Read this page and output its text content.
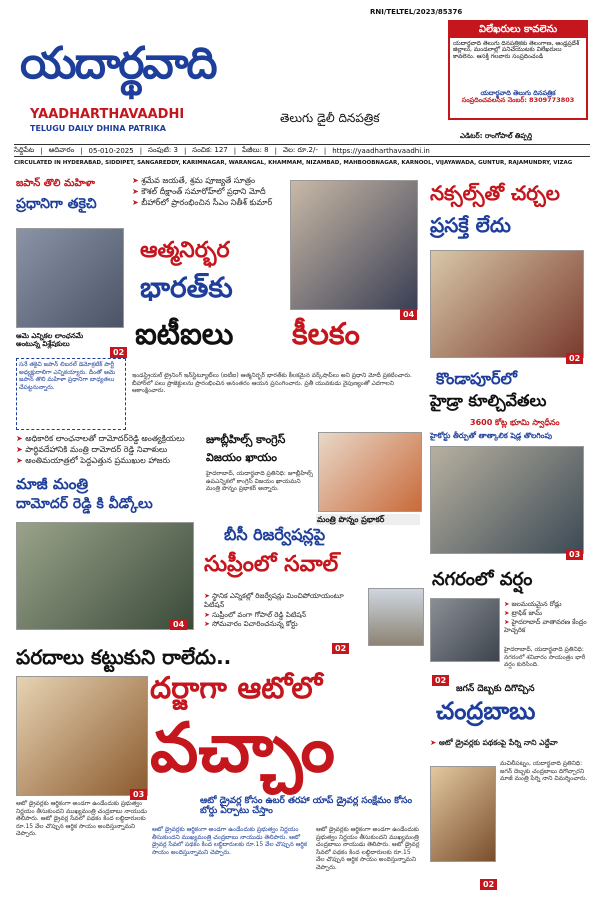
యదార్థవాది
RNI/TELTEL/2023/85376
YAADHARTHAVAADHI
TELUGU DAILY DHINA PATRIKA
తెలుగు డైలీ దినపత్రిక
విలేఖరులు కావలెను
యదార్థవాది తెలుగు దినపత్రికకు తెలంగాణ, ఆంధ్రప్రదేశ్ జిల్లాలు, మండలాల్లో పనిచేయుటకు విలేఖరులు కావలెను. ఆసక్తి గలవారు సంప్రదించండి
యదార్థవాది తెలుగు దినపత్రిక
సంప్రదించవలసిన నెంబర్: 8309773803
ఎడిటర్: రాంగోపాల్ తిప్పర్తి
సిద్దిపేట | ఆదివారం | 05-010-2025 | సంపుటి: 3 | సంచిక: 127 | పేజీలు: 8 | వెల: రూ.2/- | https://yaadharthavaadhi.in
CIRCULATED IN HYDERABAD, SIDDIPET, SANGAREDDY, KARIMNAGAR, WARANGAL, KHAMMAM, NIZAMBAD, MAHBOOBNAGAR, KARNOOL, VIJAYAWADA, GUNTUR, RAJAMUNDRY, VIZAG
జపాన్ తొలి మహిళా
ప్రధానిగా తకైచి
ఆమె ఎన్నికల లాంఛనమే అంటున్న విశ్లేషకులు
02
సనే తకైచి జపాన్ లిబరల్ డెమోక్రటిక్ పార్టీ అధ్యక్షురాలిగా ఎన్నికయ్యారు. దీంతో ఆమె జపాన్ తొలి మహిళా ప్రధానిగా బాధ్యతలు చేపట్టనున్నారు.
➤ శ్రమేవ జయతే, శ్రమ పూజ్యతే సూత్రం
➤ కౌశల్ దీక్షాంత్ సమారోహ్‌లో ప్రధాని మోదీ
➤ బీహార్‌లో ప్రారంభించిన సీఎం నితీశ్ కుమార్
04
ఆత్మనిర్భర
భారత్‌కు
ఐటీఐలు	కీలకం
ఇండస్ట్రియల్ ట్రైనింగ్ ఇన్‌స్టిట్యూట్‌లు (ఐటీఐ) ఆత్మనిర్భర్ భారత్‌కు కీలకమైన వర్క్‌షాప్‌లు అని ప్రధాని మోదీ ప్రకటించారు. బీహార్‌లో పలు ప్రాజెక్టులను ప్రారంభించిన అనంతరం ఆయన ప్రసంగించారు. ప్రతీ యువకుడు నైపుణ్యంతో ఎదగాలని ఆకాంక్షించారు.
నక్సల్స్‌తో చర్చల
ప్రసక్తే లేదు
02
కొండాపూర్‌లో
హైడ్రా కూల్చివేతలు
3600 కోట్ల భూమి స్వాధీనం
హైకోర్టు తీర్పుతో తాత్కాలిక షెడ్ల తొలగింపు
03
➤ అధికారిక లాంఛనాలతో దామోదర్‌రెడ్డి అంత్యక్రియలు
➤ పార్థివదేహానికి మంత్రి దామోదర్ రెడ్డి నివాళులు
➤ అంతిమయాత్రలో పెద్దఎత్తున ప్రముఖుల హాజరు
మాజీ మంత్రి
దామోదర్ రెడ్డి కి వీడ్కోలు
04
జూబ్లీహిల్స్ కాంగ్రెస్
విజయం ఖాయం
హైదరాబాద్, యదార్థవాది ప్రతినిధి: జూబ్లీహిల్స్ ఉపఎన్నికలో కాంగ్రెస్ విజయం ఖాయమని మంత్రి పొన్నం ప్రభాకర్ అన్నారు.
మంత్రి పొన్నం ప్రభాకర్
బీసీ రిజర్వేషన్లపై
సుప్రీంలో సవాల్
➤ స్థానిక ఎన్నికల్లో రిజర్వేషన్లు మించిపోయాయంటూ పిటిషన్
➤ సుప్రీంలో వంగా గోపాల్ రెడ్డి పిటిషన్
➤ సోమవారం విచారించనున్న కోర్టు
02
నగరంలో వర్షం
➤ జలమయమైన రోడ్లు
➤ ట్రాఫిక్ జామ్
➤ హైదరాబాద్ వాతావరణ కేంద్రం హెచ్చరిక
హైదరాబాద్, యదార్థవాది ప్రతినిధి: నగరంలో శనివారం సాయంత్రం భారీ వర్షం కురిసింది.
02
పరదాలు కట్టుకుని రాలేదు..
03
దర్జాగా ఆటోలో
వచ్చాం
ఆటో డ్రైవర్ల కోసం ఉబర్ తరహా యాప్ డ్రైవర్ల సంక్షేమం కోసం బోర్డు ఏర్పాటు చేస్తాం
ఆటో డ్రైవర్లకు ఆర్థికంగా అండగా ఉండేందుకు ప్రభుత్వం నిర్ణయం తీసుకుందని ముఖ్యమంత్రి చంద్రబాబు నాయుడు తెలిపారు. ఆటో డ్రైవర్ల సేవలో పథకం కింద లబ్ధిదారులకు రూ.15 వేల చొప్పున ఆర్థిక సాయం అందిస్తున్నామని చెప్పారు.
ఆటో డ్రైవర్లకు ఆర్థికంగా అండగా ఉండేందుకు ప్రభుత్వం నిర్ణయం తీసుకుందని ముఖ్యమంత్రి చంద్రబాబు నాయుడు తెలిపారు. ఆటో డ్రైవర్ల సేవలో పథకం కింద లబ్ధిదారులకు రూ.15 వేల చొప్పున ఆర్థిక సాయం అందిస్తున్నామని చెప్పారు.
ఆటో డ్రైవర్లకు ఆర్థికంగా అండగా ఉండేందుకు ప్రభుత్వం నిర్ణయం తీసుకుందని ముఖ్యమంత్రి చంద్రబాబు నాయుడు తెలిపారు. ఆటో డ్రైవర్ల సేవలో పథకం కింద లబ్ధిదారులకు రూ.15 వేల చొప్పున ఆర్థిక సాయం అందిస్తున్నామని చెప్పారు.
జగన్ దెబ్బకు దిగొచ్చిన
చంద్రబాబు
➤ ఆటో డ్రైవర్లకు పథకంపై పేర్ని నాని ఎద్దేవా
02
మచిలీపట్నం, యదార్థవాది ప్రతినిధి: జగన్ దెబ్బకు చంద్రబాబు దిగొచ్చారని మాజీ మంత్రి పేర్ని నాని విమర్శించారు.
